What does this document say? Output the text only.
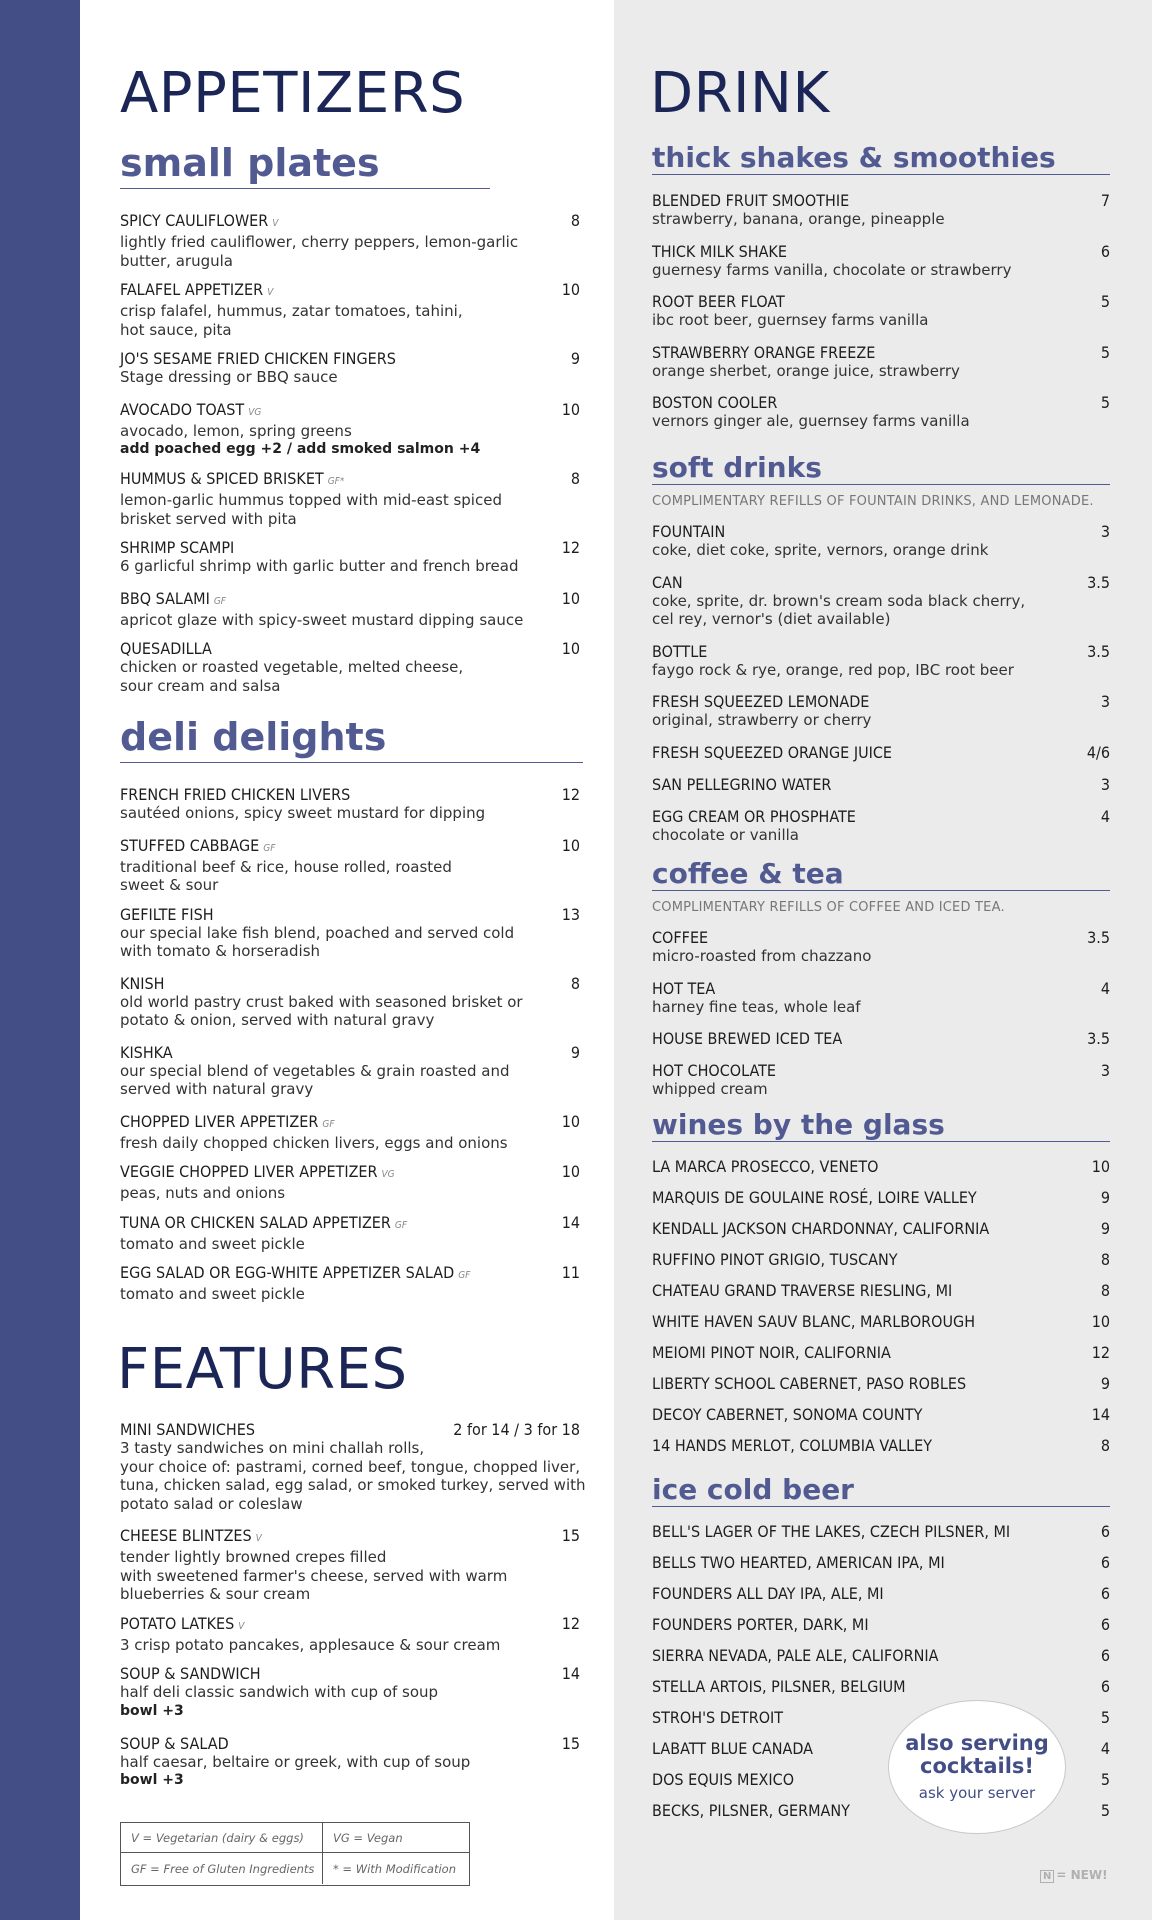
APPETIZERS
small plates
deli delights
FEATURES
SPICY CAULIFLOWER V	8
lightly fried cauliflower, cherry peppers, lemon-garlic
butter, arugula
FALAFEL APPETIZER V	10
crisp falafel, hummus, zatar tomatoes, tahini,
hot sauce, pita
JO'S SESAME FRIED CHICKEN FINGERS	9
Stage dressing or BBQ sauce
AVOCADO TOAST VG	10
avocado, lemon, spring greens
add poached egg +2 / add smoked salmon +4
HUMMUS & SPICED BRISKET GF*	8
lemon-garlic hummus topped with mid-east spiced
brisket served with pita
SHRIMP SCAMPI	12
6 garlicful shrimp with garlic butter and french bread
BBQ SALAMI GF	10
apricot glaze with spicy-sweet mustard dipping sauce
QUESADILLA	10
chicken or roasted vegetable, melted cheese,
sour cream and salsa
FRENCH FRIED CHICKEN LIVERS	12
sautéed onions, spicy sweet mustard for dipping
STUFFED CABBAGE GF	10
traditional beef & rice, house rolled, roasted
sweet & sour
GEFILTE FISH	13
our special lake fish blend, poached and served cold
with tomato & horseradish
KNISH	8
old world pastry crust baked with seasoned brisket or
potato & onion, served with natural gravy
KISHKA	9
our special blend of vegetables & grain roasted and
served with natural gravy
CHOPPED LIVER APPETIZER GF	10
fresh daily chopped chicken livers, eggs and onions
VEGGIE CHOPPED LIVER APPETIZER VG	10
peas, nuts and onions
TUNA OR CHICKEN SALAD APPETIZER GF	14
tomato and sweet pickle
EGG SALAD OR EGG-WHITE APPETIZER SALAD GF	11
tomato and sweet pickle
MINI SANDWICHES	2 for 14 / 3 for 18
3 tasty sandwiches on mini challah rolls,
your choice of: pastrami, corned beef, tongue, chopped liver,
tuna, chicken salad, egg salad, or smoked turkey, served with
potato salad or coleslaw
CHEESE BLINTZES V	15
tender lightly browned crepes filled
with sweetened farmer's cheese, served with warm
blueberries & sour cream
POTATO LATKES V	12
3 crisp potato pancakes, applesauce & sour cream
SOUP & SANDWICH	14
half deli classic sandwich with cup of soup
bowl +3
SOUP & SALAD	15
half caesar, beltaire or greek, with cup of soup
bowl +3
V = Vegetarian (dairy & eggs)	VG = Vegan
GF = Free of Gluten Ingredients	* = With Modification
DRINK
thick shakes & smoothies
soft drinks
COMPLIMENTARY REFILLS OF FOUNTAIN DRINKS, AND LEMONADE.
coffee & tea
COMPLIMENTARY REFILLS OF COFFEE AND ICED TEA.
wines by the glass
ice cold beer
BLENDED FRUIT SMOOTHIE	7
strawberry, banana, orange, pineapple
THICK MILK SHAKE	6
guernesy farms vanilla, chocolate or strawberry
ROOT BEER FLOAT	5
ibc root beer, guernsey farms vanilla
STRAWBERRY ORANGE FREEZE	5
orange sherbet, orange juice, strawberry
BOSTON COOLER	5
vernors ginger ale, guernsey farms vanilla
FOUNTAIN	3
coke, diet coke, sprite, vernors, orange drink
CAN	3.5
coke, sprite, dr. brown's cream soda black cherry,
cel rey, vernor's (diet available)
BOTTLE	3.5
faygo rock & rye, orange, red pop, IBC root beer
FRESH SQUEEZED LEMONADE	3
original, strawberry or cherry
FRESH SQUEEZED ORANGE JUICE	4/6
SAN PELLEGRINO WATER	3
EGG CREAM OR PHOSPHATE	4
chocolate or vanilla
COFFEE	3.5
micro-roasted from chazzano
HOT TEA	4
harney fine teas, whole leaf
HOUSE BREWED ICED TEA	3.5
HOT CHOCOLATE	3
whipped cream
LA MARCA PROSECCO, VENETO	10
MARQUIS DE GOULAINE ROSÉ, LOIRE VALLEY	9
KENDALL JACKSON CHARDONNAY, CALIFORNIA	9
RUFFINO PINOT GRIGIO, TUSCANY	8
CHATEAU GRAND TRAVERSE RIESLING, MI	8
WHITE HAVEN SAUV BLANC, MARLBOROUGH	10
MEIOMI PINOT NOIR, CALIFORNIA	12
LIBERTY SCHOOL CABERNET, PASO ROBLES	9
DECOY CABERNET, SONOMA COUNTY	14
14 HANDS MERLOT, COLUMBIA VALLEY	8
BELL'S LAGER OF THE LAKES, CZECH PILSNER, MI	6
BELLS TWO HEARTED, AMERICAN IPA, MI	6
FOUNDERS ALL DAY IPA, ALE, MI	6
FOUNDERS PORTER, DARK, MI	6
SIERRA NEVADA, PALE ALE, CALIFORNIA	6
STELLA ARTOIS, PILSNER, BELGIUM	6
STROH'S DETROIT	5
LABATT BLUE CANADA	4
DOS EQUIS MEXICO	5
BECKS, PILSNER, GERMANY	5
also serving
cocktails!
ask your server
N = NEW!
